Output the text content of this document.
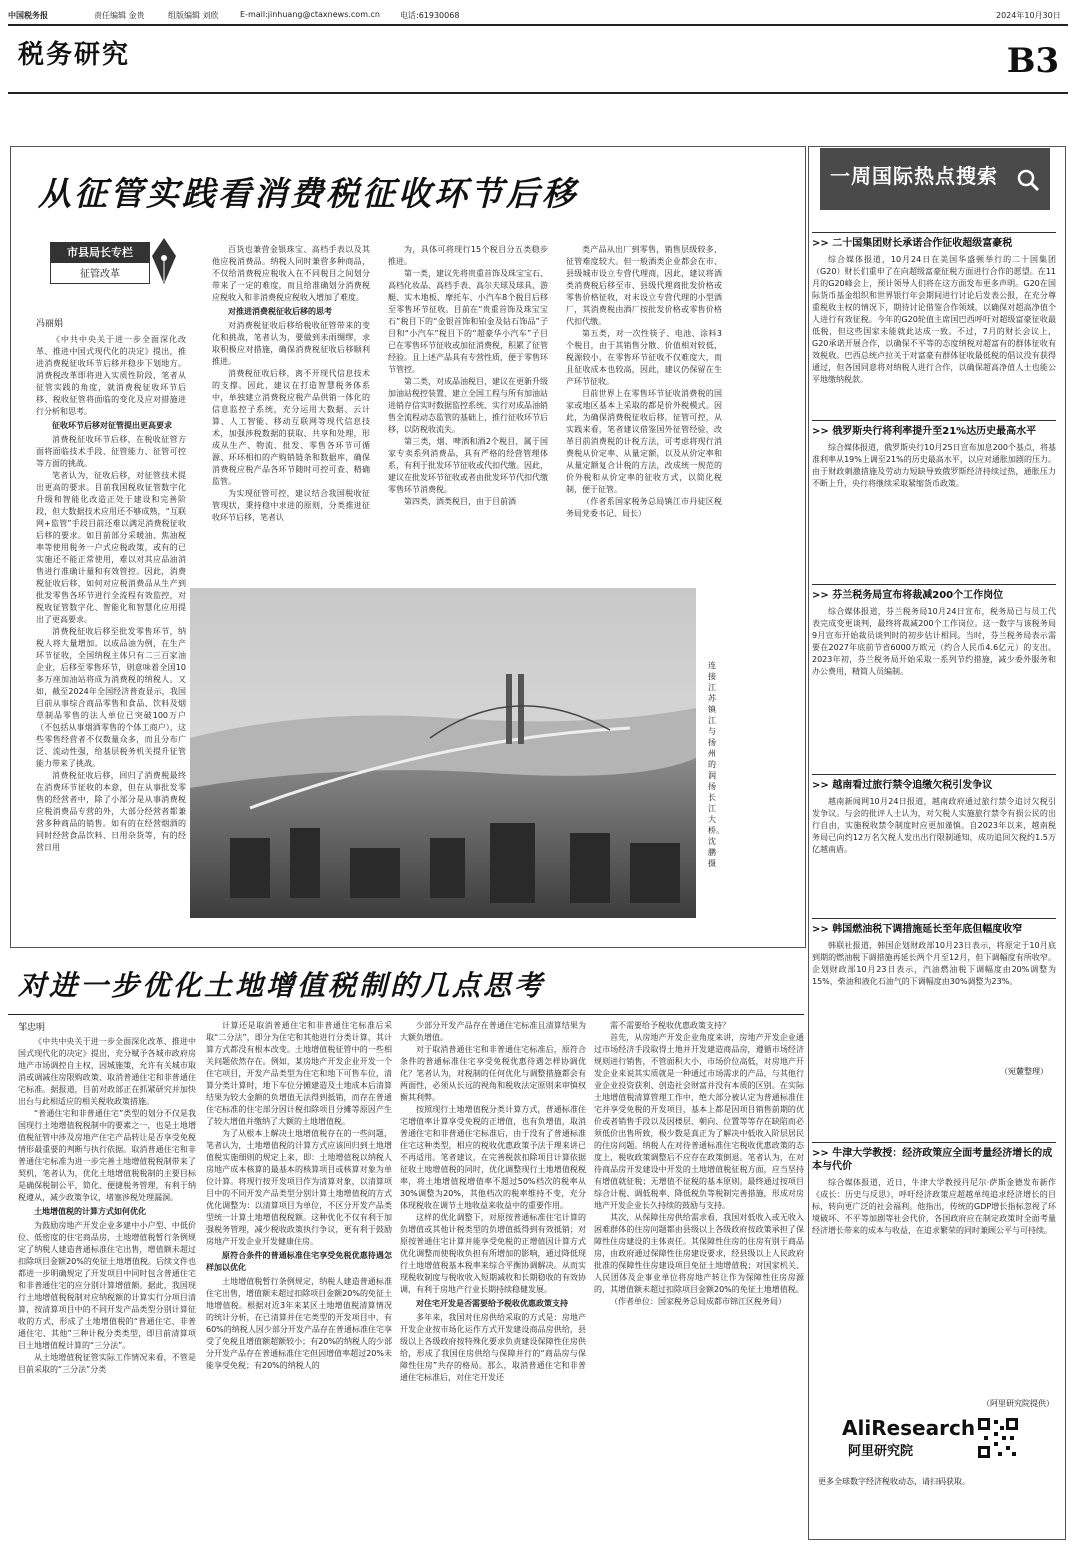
中国税务报	责任编辑 金贵	组版编辑 刘欣	E-mail:jinhuang@ctaxnews.com.cn	电话:61930068	2024年10月30日
税务研究	B3
从征管实践看消费税征收环节后移
市县局长专栏
征管改革
冯丽娟

《中共中央关于进一步全面深化改革、推进中国式现代化的决定》提出，推进消费税征收环节后移并稳步下划地方。消费税改革即将进入实质性阶段，笔者从征管实践的角度，就消费税征收环节后移、税收征管将面临的变化及应对措施进行分析和思考。

征收环节后移对征管提出更高要求

消费税征收环节后移，在税收征管方面将面临技术手段、征管能力、征管可控等方面的挑战。

笔者认为，征收后移，对征管技术提出更高的要求。目前我国税收征管数字化升级和智能化改造正处于建设和完善阶段，但大数据技术应用还不够成熟，“互联网+监管”手段目前还难以满足消费税征收后移的要求。如目前部分采暖油、焦油税率等使用税务一户式应税政策，或有的已实施还不能正常使用，难以对其应品油消售进行准确计量和有效管控。因此，消费税征收后移，如何对应税消费品从生产到批发零售各环节进行全流程有效监控，对税收征管数字化、智能化和智慧化应用提出了更高要求。

消费税征收后移至批发零售环节，纳税人将大量增加。以成品油为例，在生产环节征收，全国纳税主体只有二三百家油企业，后移至零售环节，则意味着全国10多万座加油站将成为消费税的纳税人。又如，截至2024年全国经济普查显示，我国目前从事综合商品零售和食品、饮料及烟草制品零售的法人单位已突破100万户（不包括从事烟酒零售的个体工商户），这些零售经营者不仅数量众多，而且分布广泛、流动性强，给基层税务机关提升征管能力带来了挑战。

消费税征收后移，回归了消费税最终在消费环节征收的本意，但在从事批发零售的经营者中，除了小部分是从事消费税应税消费品专营的外，大部分经营者都兼营多种商品的销售。如有的在经营烟酒的同时经营食品饮料、日用杂货等，有的经营日用

百货也兼营金银珠宝、高档手表以及其他应税消费品。纳税人同时兼营多种商品，不仅给消费税应税收入在不同税目之间划分带来了一定的难度，而且给准确划分消费税应税收入和非消费税应税收入增加了难度。

对推进消费税征收后移的思考

对消费税征收后移给税收征管带来的变化和挑战，笔者认为，要做到未雨绸缪，求取积极应对措施，确保消费税征收后移顺利推进。

消费税征收后移，离不开现代信息技术的支撑。因此，建议在打造智慧税务体系中，单独建立消费税应税产品供销一体化的信息监控子系统，充分运用大数据、云计算、人工智能、移动互联网等现代信息技术，加强涉税数据的获取、共享和处理，形成从生产、物流、批发、零售各环节可循源、环环相扣的产购销链条和数据库，确保消费税应税产品各环节随时可控可查、精确监管。

为实现征管可控，建议结合我国税收征管现状，秉持稳中求进的原则，分类推进征收环节后移，笔者认

为，具体可将现行15个税目分五类稳步推进。

第一类，建议先将贵重首饰及珠宝宝石、高档化妆品、高档手表、高尔夫球及球具、游艇、实木地板、摩托车、小汽车8个税目后移至零售环节征收。目前在“贵重首饰及珠宝宝石”税目下的“金银首饰和铂金及钻石饰品”子目和“小汽车”税目下的“超豪华小汽车”子目已在零售环节征收或加征消费税，积累了征管经验。且上述产品具有专营性质，便于零售环节管控。

第二类，对成品油税目，建议在更新升级加油站税控装置、建立全国工程与所有加油站进销存信实时数据监控系统、实行对成品油销售全流程动态监管的基础上，推行征收环节后移，以防税收流失。

第三类，烟、啤酒和酒2个税目，属于国家专卖系列消费品，具有严格的经营管理体系，有利于批发环节征收或代扣代缴。因此，建议在批发环节征收或者由批发环节代扣代缴零售环节消费税。

第四类，酒类税目，由于目前酒

类产品从出厂到零售，销售层级较多，征管难度较大。但一般酒类企业都会在市、县级城市设立专营代理商，因此，建议将酒类消费税后移至市、县级代理商批发价格或零售价格征收，对未设立专营代理的小型酒厂，其消费税由酒厂按批发价格或零售价格代扣代缴。

第五类，对一次性筷子、电池、涂料3个税目，由于其销售分散、价值相对较低，税源较小，在零售环节征收不仅难度大，而且征收成本也较高，因此，建议仍保留在生产环节征收。

目前世界上在零售环节征收消费税的国家或地区基本上采取的都是价外税模式。因此，为确保消费税征收后移，征管可控，从实践来看，笔者建议借鉴国外征管经验，改革目前消费税的计税方法，可考虑将现行消费税从价定率、从量定额，以及从价定率和从量定额复合计税的方法，改成统一规范的价外税和从价定率的征收方式，以简化税制，便于征管。

（作者系国家税务总局镇江市丹徒区税务局党委书记、局长）

连接江苏镇江与扬州的润扬长江大桥。沈鹏 摄
对进一步优化土地增值税制的几点思考
邹忠明

《中共中央关于进一步全面深化改革、推进中国式现代化的决定》提出，充分赋予各城市政府房地产市场调控自主权，因城施策，允许有关城市取消或调减住房限购政策、取消普通住宅和非普通住宅标准。据报道，目前对政部正在抓紧研究并加快出台与此相适应的相关税收政策措施。

“普通住宅和非普通住宅”类型的划分不仅是我国现行土地增值税税制中的要素之一，也是土地增值税征管中涉及房地产住宅产品转让是否享受免税情形最重要的判断与执行依据。取消普通住宅和非普通住宅标准为进一步完善土地增值税税制带来了契机，笔者认为，优化土地增值税税制的主要目标是确保税制公平，简化、便捷税务管理，有利于纳税遵从，减少政策争议，堵塞涉税处理漏洞。

土地增值税的计算方式如何优化

为鼓励房地产开发企业多建中小户型、中低价位、低密度的住宅商品房，土地增值税暂行条例规定了纳税人建造普通标准住宅出售，增值额未超过扣除项目金额20%的免征土地增值税。后续文件也都进一步明确规定了开发项目中同时包含普通住宅和非普通住宅的应分别计算增值额。据此，我国现行土地增值税税制对应纳税额的计算实行分项目清算，按清算项目中的不同开发产品类型分别计算征收的方式，形成了土地增值税的“普通住宅、非普通住宅、其他”三种计税分类类型，即目前清算项目土地增值税计算的“三分法”。

从土地增值税征管实际工作情况来看，不管是目前采取的“三分法”分类

计算还是取消普通住宅和非普通住宅标准后采取“二分法”，即分为住宅和其他进行分类计算，其计算方式都没有根本改变。土地增值税征管中的一些相关问题依然存在。例如，某房地产开发企业开发一个住宅项目，开发产品类型为住宅和地下可售车位，清算分类计算时，地下车位分摊建造及土地成本后清算结果为较大金额的负增值无法得到抵销，而存在普通住宅标准的住宅部分因计税扣除项目分摊等原因产生了较大增值并缴纳了大额的土地增值税。

为了从根本上解决土地增值税存在的一些问题，笔者认为，土地增值税的计算方式应该回归到土地增值税实施细则的规定上来，即：土地增值税以纳税人房地产成本核算的最基本的核算项目或核算对象为单位计算。将现行按开发项目作为清算对象，以清算项目中的不同开发产品类型分别计算土地增值税的方式优化调整为：以清算项目为单位，不区分开发产品类型统一计算土地增值税税额。这种优化不仅有利于加强税务管理，减少税收政策执行争议，更有利于鼓励房地产开发企业开发健康住房。

原符合条件的普通标准住宅享受免税优惠待遇怎样加以优化

土地增值税暂行条例规定，纳税人建造普通标准住宅出售，增值额未超过扣除项目金额20%的免征土地增值税。根据对近3年来某区土地增值税清算情况的统计分析，在已清算并住宅类型的开发项目中，有60%的纳税人因少部分开发产品存在普通标准住宅享受了免税且增值额超额较小；有20%的纳税人的少部分开发产品存在普通标准住宅但因增值率超过20%未能享受免税；有20%的纳税人的

少部分开发产品存在普通住宅标准且清算结果为大额负增值。

对于取消普通住宅和非普通住宅标准后，原符合条件的普通标准住宅享受免税优惠待遇怎样协调优化？笔者认为，对税制的任何优化与调整措施都会有两面性，必须从长远的视角和税收法定原则来审慎权衡其利弊。

按照现行土地增值税分类计算方式，普通标准住宅增值率计算享受免税的正增值，也有负增值，取消普通住宅和非普通住宅标准后，由于没有了普通标准住宅这种类型，相应的税收优惠政策予法于理来讲已不再适用。笔者建议，在完善税款扣除项目计算依据征收土地增值税的同时，优化调整现行土地增值税税率，将土地增值税增值率不超过50%档次的税率从30%调整为20%，其他档次的税率维持不变，充分体现税收在调节土地收益来收益中的重要作用。

这样的优化调整下，对原按普通标准住宅计算的负增值或其他计税类型的负增值抵得到有效抵销；对原按普通住宅计算并能享受免税的正增值因计算方式优化调整而使税收负担有所增加的影响，通过降低现行土地增值税基本税率来综合平衡协调解决。从而实现税收制度与税收收入短期减收和长期稳收的有效协调，有利于房地产行业长期持续稳健发展。

对住宅开发是否需要给予税收优惠政策支持

多年来，我国对住房供给采取的方式是：房地产开发企业按市场化运作方式开发建设商品房供给，县级以上各级政府按特殊化要求负责建设保障性住房供给，形成了我国住房供给与保障并行的“商品房与保障性住房”共存的格局。那么，取消普通住宅和非普通住宅标准后，对住宅开发还

需不需要给予税收优惠政策支持？

首先，从房地产开发企业角度来讲，房地产开发企业通过市场经济手段取得土地并开发建造商品房，遵循市场经济规则进行销售，不管面积大小，市场价位高低，对房地产开发企业来说其实质就是一种通过市场需求的产品，与其他行业企业投资获利、创造社会财富并没有本质的区别。在实际土地增值税清算管理工作中，绝大部分被认定为普通标准住宅并享受免税的开发项目，基本上都是因项目销售前期的优价或者销售手段以及因楼层、朝向、位置等等存在缺陷而必须低价出售所致，极少数是真正为了解决中低收入阶层居民的住房问题。纳税人在对待普通标准住宅税收优惠政策的态度上，税收政策调整后不应存在政策倒退。笔者认为，在对待商品房开发建设中开发的土地增值税征税方面，应当坚持有增值就征税；无增值不征税的基本原则。最终通过按项目综合计税、调低税率、降低税负等税制完善措施，形成对房地产开发企业长久持续的鼓励与支持。

其次，从保障住房供给需求看，我国对低收入或无收入困难群体的住房问题都由县级以上各级政府按政策承担了保障性住房建设的主体责任。其保障性住房的住房有别于商品房，由政府通过保障性住房建设要求，经县级以上人民政府批准的保障性住房建设项目免征土地增值税；对国家机关、人民团体及企事业单位将房地产转让作为保障性住房房源的，其增值额未超过扣除项目金额20%的免征土地增值税。

（作者单位：国家税务总局成都市锦江区税务局）

一周国际热点搜索
>> 二十国集团财长承诺合作征收超级富豪税
综合媒体报道，10月24日在美国华盛顿举行的二十国集团（G20）财长们重申了在向超级富豪征税方面进行合作的愿望。在11月的G20峰会上，预计领导人们将在这方面发布更多声明。G20在国际货币基金组织和世界银行年会期间进行讨论后发表公报，在充分尊重税收主权的情况下，期待讨论借鉴合作领域，以确保对超高净值个人进行有效征税。今年的G20轮值主席国巴西呼吁对超级富豪征收最低税，但这些国家未能就此达成一致。不过，7月的财长会议上，G20承诺开展合作，以确保不平等的态度纳税对超富有的群体征收有效税收。巴西总统卢拉关于对富豪有群体征收最低税的倡议没有获得通过，但各国同意将对纳税人进行合作，以确保超高净值人士也能公平地缴纳税款。
>> 俄罗斯央行将利率提升至21%达历史最高水平
综合媒体报道，俄罗斯央行10月25日宣布加息200个基点，将基准利率从19%上调至21%的历史最高水平，以应对通胀加剧的压力。由于财政刺激措施及劳动力短缺导致俄罗斯经济持续过热，通胀压力不断上升，央行将继续采取紧缩货币政策。
>> 芬兰税务局宣布将裁减200个工作岗位
综合媒体报道，芬兰税务局10月24日宣布，税务局已与员工代表完成变更谈判，最终将裁减200个工作岗位。这一数字与该税务局9月宣布开始裁员谈判时的初步估计相同。当时，芬兰税务局表示需要在2027年底前节省6000万欧元（约合人民币4.6亿元）的支出。2023年初，芬兰税务局开始采取一系列节约措施，减少委外服务和办公费用，精简人员编制。
>> 越南看过旅行禁令追缴欠税引发争议
越南新闻网10月24日报道，越南政府通过旅行禁令追讨欠税引发争议。与会的批评人士认为，对欠税人实施旅行禁令有损公民的出行自由，实施税收禁令制度时应更加谨慎。自2023年以来，越南税务局已向约12万名欠税人发出出行限制通知，成功追回欠税约1.5万亿越南盾。
>> 韩国燃油税下调措施延长至年底但幅度收窄
韩联社报道，韩国企划财政部10月23日表示，将原定于10月底到期的燃油税下调措施再延长两个月至12月，但下调幅度有所收窄。企划财政部10月23日表示，汽油燃油税下调幅度由20%调整为15%，柴油和液化石油气的下调幅度由30%调整为23%。
（宛麓整理）
>> 牛津大学教授：经济政策应全面考量经济增长的成本与代价
综合媒体报道，近日，牛津大学教授丹尼尔·萨斯金德发布新作《成长：历史与反思》，呼吁经济政策应超越单纯追求经济增长的目标，转向更广泛的社会福利。他指出，传统的GDP增长指标忽视了环境破坏、不平等加剧等社会代价，各国政府应在制定政策时全面考量经济增长带来的成本与收益，在追求繁荣的同时兼顾公平与可持续。
（阿里研究院提供）
AliResearch
阿里研究院
更多全球数字经济税收动态，请扫码获取。
